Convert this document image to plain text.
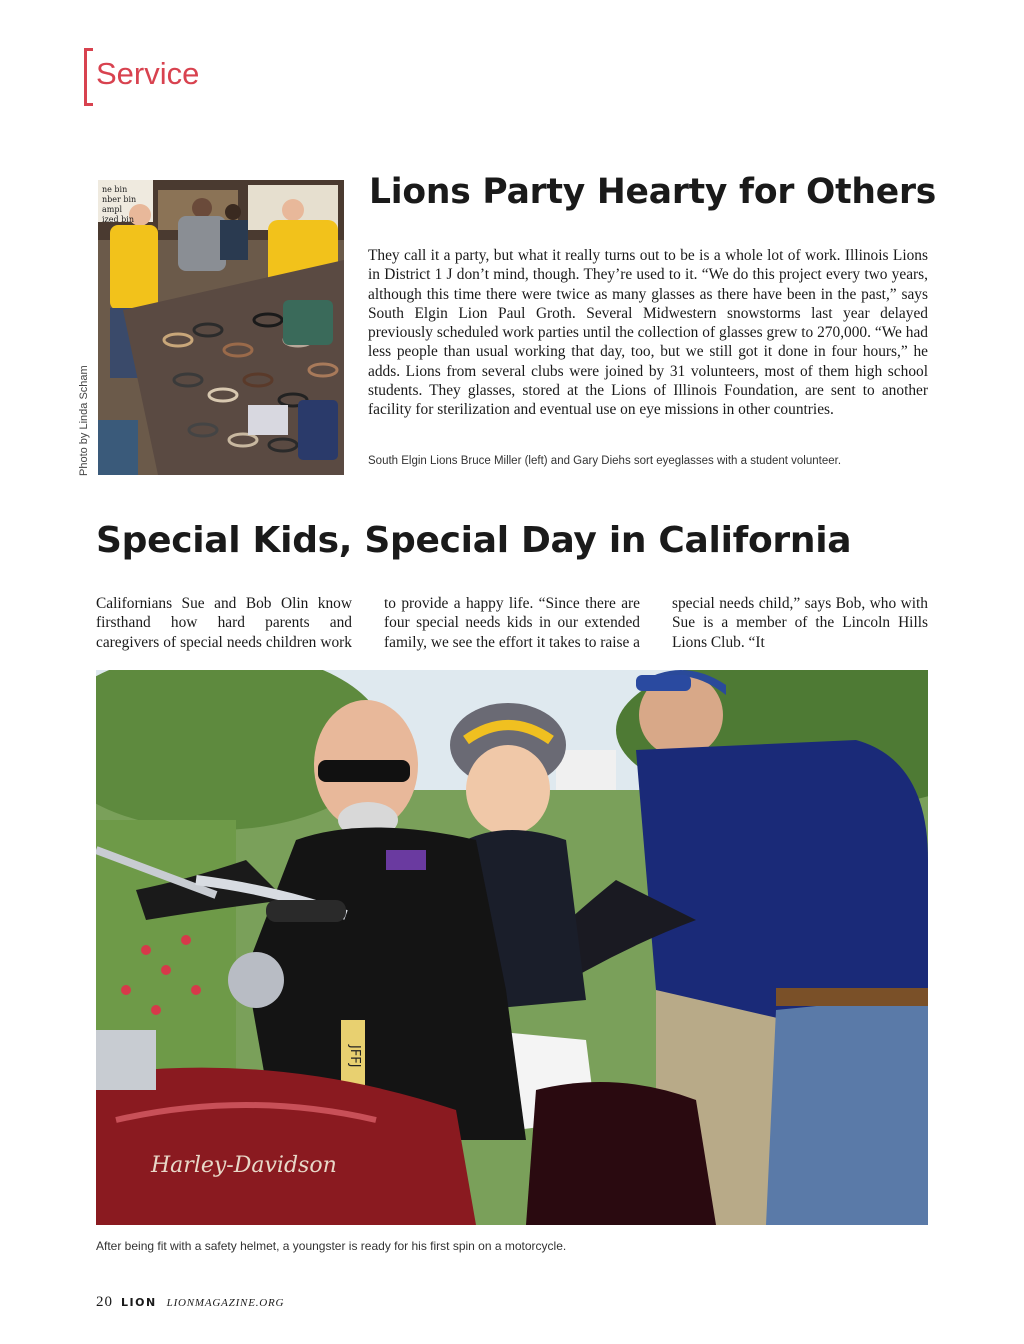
Service
ne bin
nber bin
ampl
ized bin
Photo by Linda Scham
Lions Party Hearty for Others

They call it a party, but what it really turns out to be is a whole lot of work. Illinois Lions in District 1 J don’t mind, though. They’re used to it. “We do this project every two years, although this time there were twice as many glasses as there have been in the past,” says South Elgin Lion Paul Groth. Several Midwestern snowstorms last year delayed previously scheduled work parties until the collection of glasses grew to 270,000. “We had less people than usual working that day, too, but we still got it done in four hours,” he adds. Lions from several clubs were joined by 31 volunteers, most of them high school students. They glasses, stored at the Lions of Illinois Foundation, are sent to another facility for sterilization and eventual use on eye missions in other countries.

South Elgin Lions Bruce Miller (left) and Gary Diehs sort eyeglasses with a student volunteer.

Special Kids, Special Day in California

Californians Sue and Bob Olin know firsthand how hard parents and caregivers of special needs children work to provide a happy life. “Since there are four special needs kids in our extended family, we see the effort it takes to raise a special needs child,” says Bob, who with Sue is a member of the Lincoln Hills Lions Club. “It

Harley-Davidson
JFFJ

After being fit with a safety helmet, a youngster is ready for his first spin on a motorcycle.

20 LION LIONMAGAZINE.ORG
